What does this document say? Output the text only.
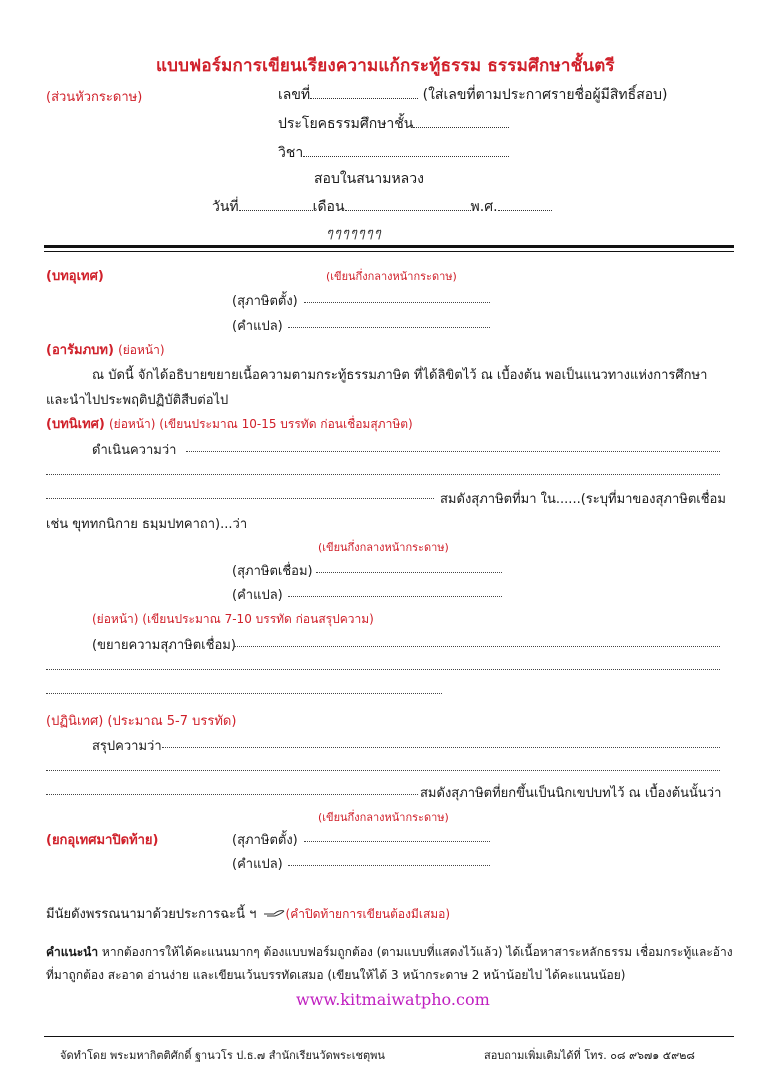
แบบฟอร์มการเขียนเรียงความแก้กระทู้ธรรม ธรรมศึกษาชั้นตรี
(ส่วนหัวกระดาษ)	เลขที่	(ใส่เลขที่ตามประกาศรายชื่อผู้มีสิทธิ์สอบ)
ประโยคธรรมศึกษาชั้น
วิชา
สอบในสนามหลวง
วันที่	เดือน	พ.ศ.
ๆๆๆๆๆๆๆ
(บทอุเทศ)	(เขียนกึ่งกลางหน้ากระดาษ)
(สุภาษิตตั้ง)
(คำแปล)
(อารัมภบท) (ย่อหน้า)
ณ บัดนี้ จักได้อธิบายขยายเนื้อความตามกระทู้ธรรมภาษิต ที่ได้ลิขิตไว้ ณ เบื้องต้น พอเป็นแนวทางแห่งการศึกษา
และนำไปประพฤติปฏิบัติสืบต่อไป
(บทนิเทศ) (ย่อหน้า) (เขียนประมาณ 10-15 บรรทัด ก่อนเชื่อมสุภาษิต)
ดำเนินความว่า
สมดังสุภาษิตที่มา ใน......(ระบุที่มาของสุภาษิตเชื่อม
เช่น ขุททกนิกาย ธมฺมปทคาถา)...ว่า
(เขียนกึ่งกลางหน้ากระดาษ)
(สุภาษิตเชื่อม)
(คำแปล)
(ย่อหน้า) (เขียนประมาณ 7-10 บรรทัด ก่อนสรุปความ)
(ขยายความสุภาษิตเชื่อม)
(ปฏินิเทศ) (ประมาณ 5-7 บรรทัด)
สรุปความว่า
สมดังสุภาษิตที่ยกขึ้นเป็นนิกเขปบทไว้ ณ เบื้องต้นนั้นว่า
(เขียนกึ่งกลางหน้ากระดาษ)
(ยกอุเทศมาปิดท้าย)	(สุภาษิตตั้ง)
(คำแปล)
มีนัยดังพรรณนามาด้วยประการฉะนี้ ฯ (คำปิดท้ายการเขียนต้องมีเสมอ)
คำแนะนำ หากต้องการให้ได้คะแนนมากๆ ต้องแบบฟอร์มถูกต้อง (ตามแบบที่แสดงไว้แล้ว) ได้เนื้อหาสาระหลักธรรม เชื่อมกระทู้และอ้าง
ที่มาถูกต้อง สะอาด อ่านง่าย และเขียนเว้นบรรทัดเสมอ (เขียนให้ได้ 3 หน้ากระดาษ 2 หน้าน้อยไป ได้คะแนนน้อย)
www.kitmaiwatpho.com
จัดทำโดย พระมหากิตติศักดิ์ ฐานวโร ป.ธ.๗ สำนักเรียนวัดพระเชตุพน	สอบถามเพิ่มเติมได้ที่ โทร. ๐๘ ๙๖๗๑ ๕๙๒๘
